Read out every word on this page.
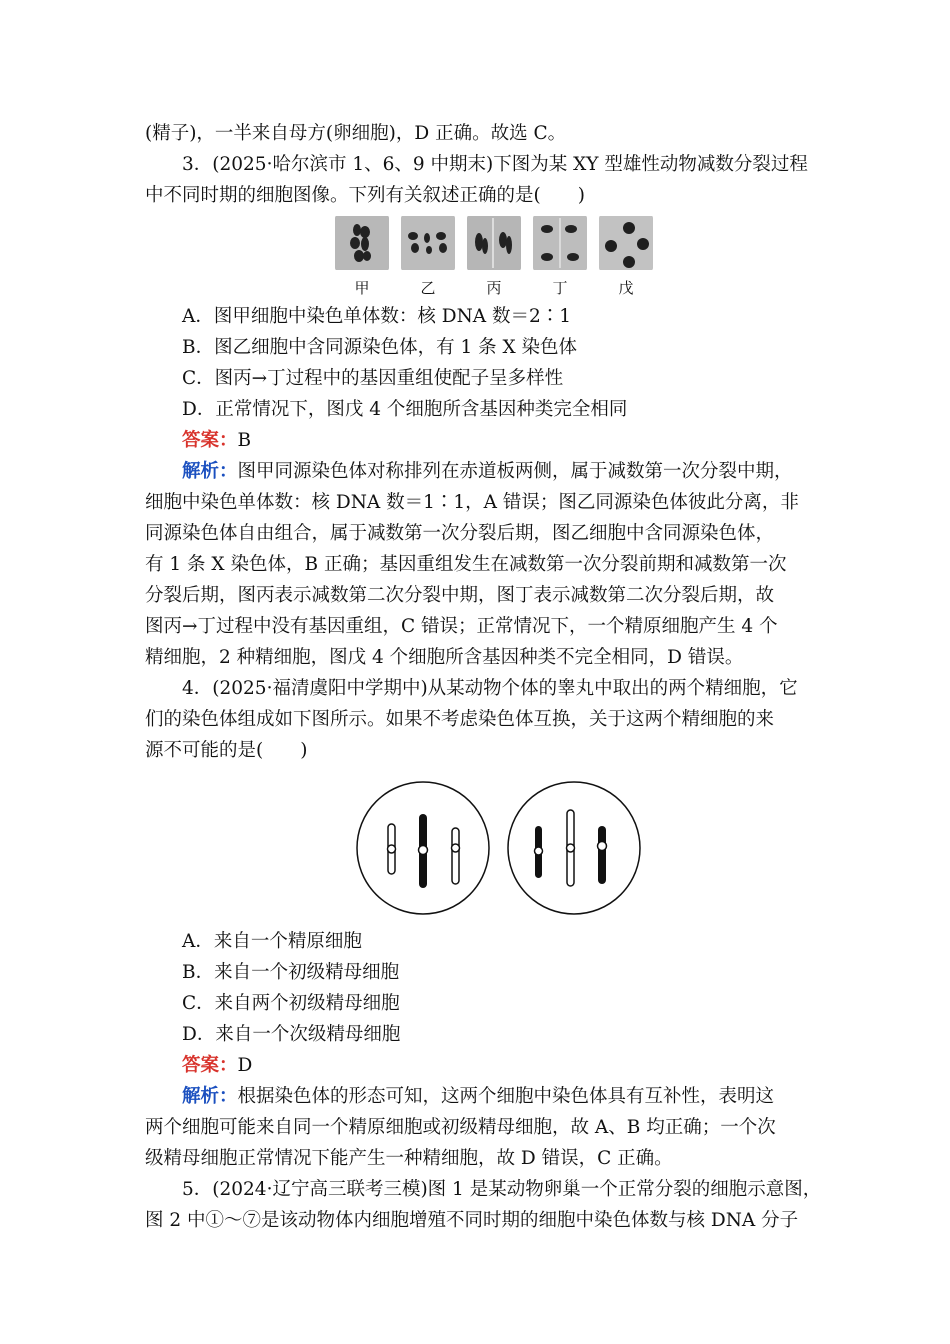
(精子)，一半来自母方(卵细胞)，D 正确。故选 C。
3．(2025·哈尔滨市 1、6、9 中期末)下图为某 XY 型雄性动物减数分裂过程
中不同时期的细胞图像。下列有关叙述正确的是(　　)
甲	乙	丙	丁	戊
A．图甲细胞中染色单体数：核 DNA 数＝2∶1
B．图乙细胞中含同源染色体，有 1 条 X 染色体
C．图丙→丁过程中的基因重组使配子呈多样性
D．正常情况下，图戊 4 个细胞所含基因种类完全相同
答案：B
解析：图甲同源染色体对称排列在赤道板两侧，属于减数第一次分裂中期，
细胞中染色单体数：核 DNA 数＝1∶1，A 错误；图乙同源染色体彼此分离，非
同源染色体自由组合，属于减数第一次分裂后期，图乙细胞中含同源染色体，
有 1 条 X 染色体，B 正确；基因重组发生在减数第一次分裂前期和减数第一次
分裂后期，图丙表示减数第二次分裂中期，图丁表示减数第二次分裂后期，故
图丙→丁过程中没有基因重组，C 错误；正常情况下，一个精原细胞产生 4 个
精细胞，2 种精细胞，图戊 4 个细胞所含基因种类不完全相同，D 错误。
4．(2025·福清虞阳中学期中)从某动物个体的睾丸中取出的两个精细胞，它
们的染色体组成如下图所示。如果不考虑染色体互换，关于这两个精细胞的来
源不可能的是(　　)
A．来自一个精原细胞
B．来自一个初级精母细胞
C．来自两个初级精母细胞
D．来自一个次级精母细胞
答案：D
解析：根据染色体的形态可知，这两个细胞中染色体具有互补性，表明这
两个细胞可能来自同一个精原细胞或初级精母细胞，故 A、B 均正确；一个次
级精母细胞正常情况下能产生一种精细胞，故 D 错误，C 正确。
5．(2024·辽宁高三联考三模)图 1 是某动物卵巢一个正常分裂的细胞示意图，
图 2 中①～⑦是该动物体内细胞增殖不同时期的细胞中染色体数与核 DNA 分子
